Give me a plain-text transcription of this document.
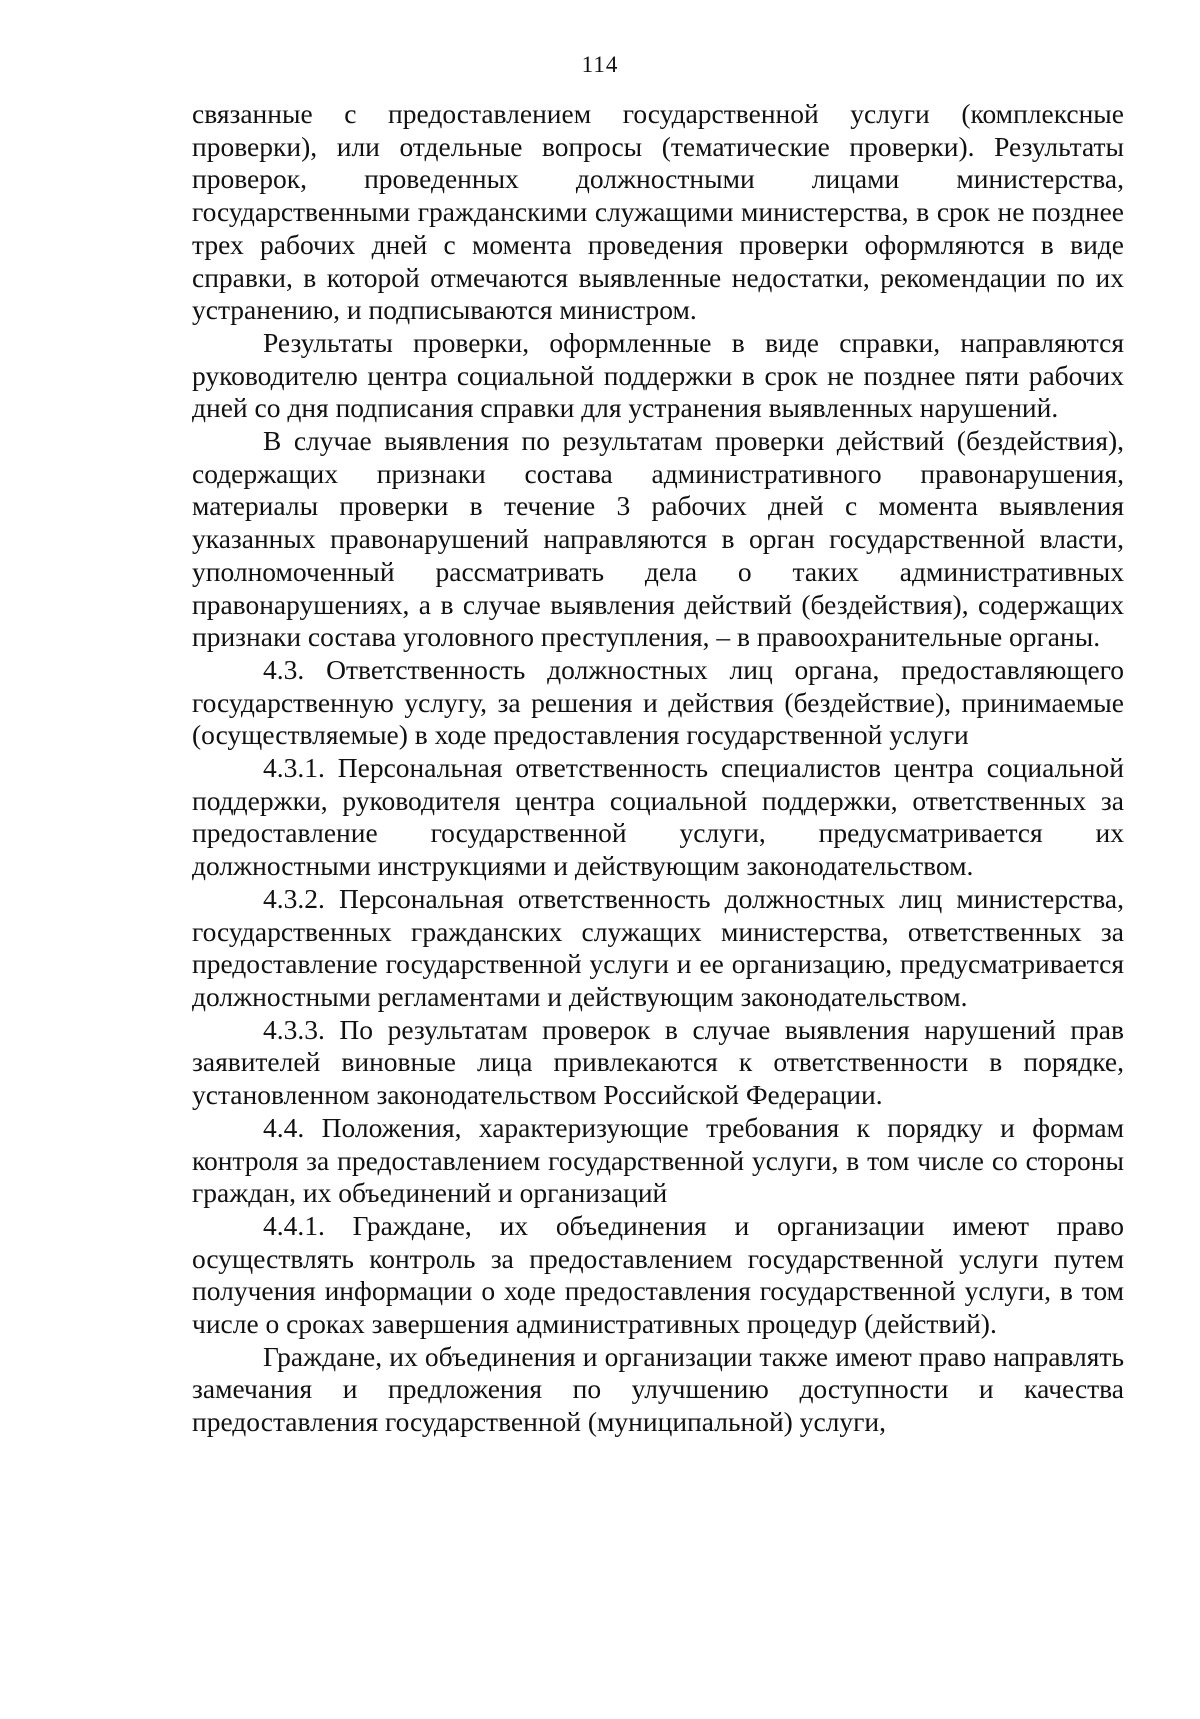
114

связанные с предоставлением государственной услуги (комплексные проверки), или отдельные вопросы (тематические проверки). Результаты проверок, проведенных должностными лицами министерства, государственными гражданскими служащими министерства, в срок не позднее трех рабочих дней с момента проведения проверки оформляются в виде справки, в которой отмечаются выявленные недостатки, рекомендации по их устранению, и подписываются министром.

Результаты проверки, оформленные в виде справки, направляются руководителю центра социальной поддержки в срок не позднее пяти рабочих дней со дня подписания справки для устранения выявленных нарушений.

В случае выявления по результатам проверки действий (бездействия), содержащих признаки состава административного правонарушения, материалы проверки в течение 3 рабочих дней с момента выявления указанных правонарушений направляются в орган государственной власти, уполномоченный рассматривать дела о таких административных правонарушениях, а в случае выявления действий (бездействия), содержащих признаки состава уголовного преступления, – в правоохранительные органы.

4.3. Ответственность должностных лиц органа, предоставляющего государственную услугу, за решения и действия (бездействие), принимаемые (осуществляемые) в ходе предоставления государственной услуги

4.3.1. Персональная ответственность специалистов центра социальной поддержки, руководителя центра социальной поддержки, ответственных за предоставление государственной услуги, предусматривается их должностными инструкциями и действующим законодательством.

4.3.2. Персональная ответственность должностных лиц министерства, государственных гражданских служащих министерства, ответственных за предоставление государственной услуги и ее организацию, предусматривается должностными регламентами и действующим законодательством.

4.3.3. По результатам проверок в случае выявления нарушений прав заявителей виновные лица привлекаются к ответственности в порядке, установленном законодательством Российской Федерации.

4.4. Положения, характеризующие требования к порядку и формам контроля за предоставлением государственной услуги, в том числе со стороны граждан, их объединений и организаций

4.4.1. Граждане, их объединения и организации имеют право осуществлять контроль за предоставлением государственной услуги путем получения информации о ходе предоставления государственной услуги, в том числе о сроках завершения административных процедур (действий).

Граждане, их объединения и организации также имеют право направлять замечания и предложения по улучшению доступности и качества предоставления государственной (муниципальной) услуги,
